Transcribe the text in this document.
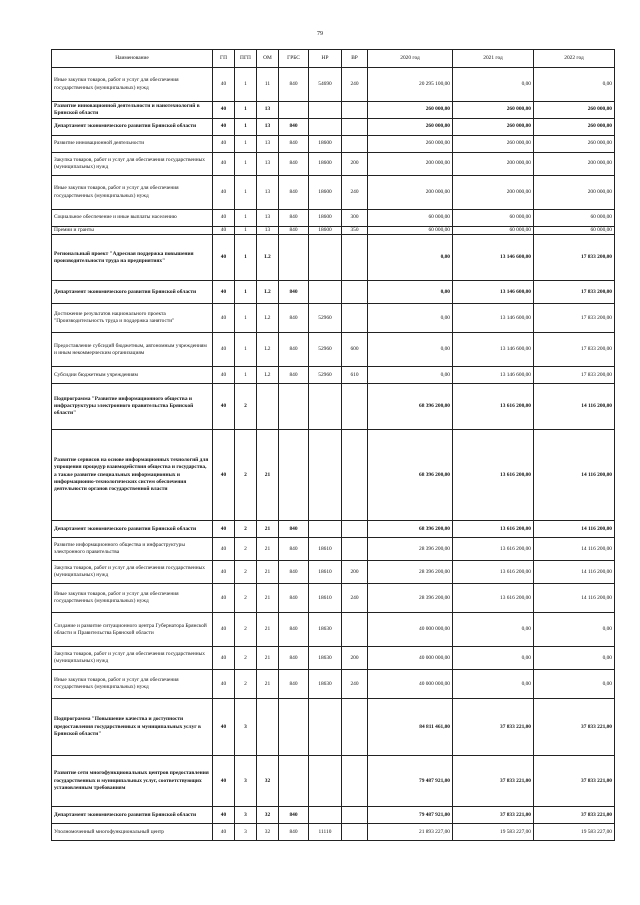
79
Наименование	ГП	ПГП	ОМ	ГРБС	НР	ВР	2020 год	2021 год	2022 год
Иные закупки товаров, работ и услуг для обеспечения государственных (муниципальных) нужд	40	1	11	840	54690	240	20 295 100,00	0,00	0,00
Развитие инновационной деятельности и нанотехнологий в Брянской области	40	1	13				260 000,00	260 000,00	260 000,00
Департамент экономического развития Брянской области	40	1	13	840			260 000,00	260 000,00	260 000,00
Развитие инновационной деятельности	40	1	13	840	18600		260 000,00	260 000,00	260 000,00
Закупка товаров, работ и услуг для обеспечения государственных (муниципальных) нужд	40	1	13	840	18600	200	200 000,00	200 000,00	200 000,00
Иные закупки товаров, работ и услуг для обеспечения государственных (муниципальных) нужд	40	1	13	840	18600	240	200 000,00	200 000,00	200 000,00
Социальное обеспечение и иные выплаты населению	40	1	13	840	18600	300	60 000,00	60 000,00	60 000,00
Премии и гранты	40	1	13	840	18600	350	60 000,00	60 000,00	60 000,00
Региональный проект "Адресная поддержка повышения производительности труда на предприятиях"	40	1	L2				0,00	13 146 600,00	17 833 200,00
Департамент экономического развития Брянской области	40	1	L2	840			0,00	13 146 600,00	17 833 200,00
Достижение результатов национального проекта "Производительность труда и поддержка занятости"	40	1	L2	840	52960		0,00	13 146 600,00	17 833 200,00
Предоставление субсидий бюджетным, автономным учреждениям и иным некоммерческим организациям	40	1	L2	840	52960	600	0,00	13 146 600,00	17 833 200,00
Субсидии бюджетным учреждениям	40	1	L2	840	52960	610	0,00	13 146 600,00	17 833 200,00
Подпрограмма "Развитие информационного общества и инфраструктуры электронного правительства Брянской области"	40	2					68 396 200,00	13 616 200,00	14 116 200,00
Развитие сервисов на основе информационных технологий для упрощения процедур взаимодействия общества и государства, а также развитие специальных информационных и информационно-технологических систем обеспечения деятельности органов государственной власти	40	2	21				68 396 200,00	13 616 200,00	14 116 200,00
Департамент экономического развития Брянской области	40	2	21	840			68 396 200,00	13 616 200,00	14 116 200,00
Развитие информационного общества и инфраструктуры электронного правительства	40	2	21	840	18610		28 396 200,00	13 616 200,00	14 116 200,00
Закупка товаров, работ и услуг для обеспечения государственных (муниципальных) нужд	40	2	21	840	18610	200	28 396 200,00	13 616 200,00	14 116 200,00
Иные закупки товаров, работ и услуг для обеспечения государственных (муниципальных) нужд	40	2	21	840	18610	240	28 396 200,00	13 616 200,00	14 116 200,00
Создание и развитие ситуационного центра Губернатора Брянской области и Правительства Брянской области	40	2	21	840	18630		40 000 000,00	0,00	0,00
Закупка товаров, работ и услуг для обеспечения государственных (муниципальных) нужд	40	2	21	840	18630	200	40 000 000,00	0,00	0,00
Иные закупки товаров, работ и услуг для обеспечения государственных (муниципальных) нужд	40	2	21	840	18630	240	40 000 000,00	0,00	0,00
Подпрограмма "Повышение качества и доступности предоставления государственных и муниципальных услуг в Брянской области"	40	3					84 811 461,00	37 833 221,00	37 833 221,00
Развитие сети многофункциональных центров предоставления государственных и муниципальных услуг, соответствующих установленным требованиям	40	3	32				79 487 921,00	37 833 221,00	37 833 221,00
Департамент экономического развития Брянской области	40	3	32	840			79 487 921,00	37 833 221,00	37 833 221,00
Уполномоченный многофункциональный центр	40	3	32	840	11110		21 893 227,00	19 583 227,00	19 583 227,00
